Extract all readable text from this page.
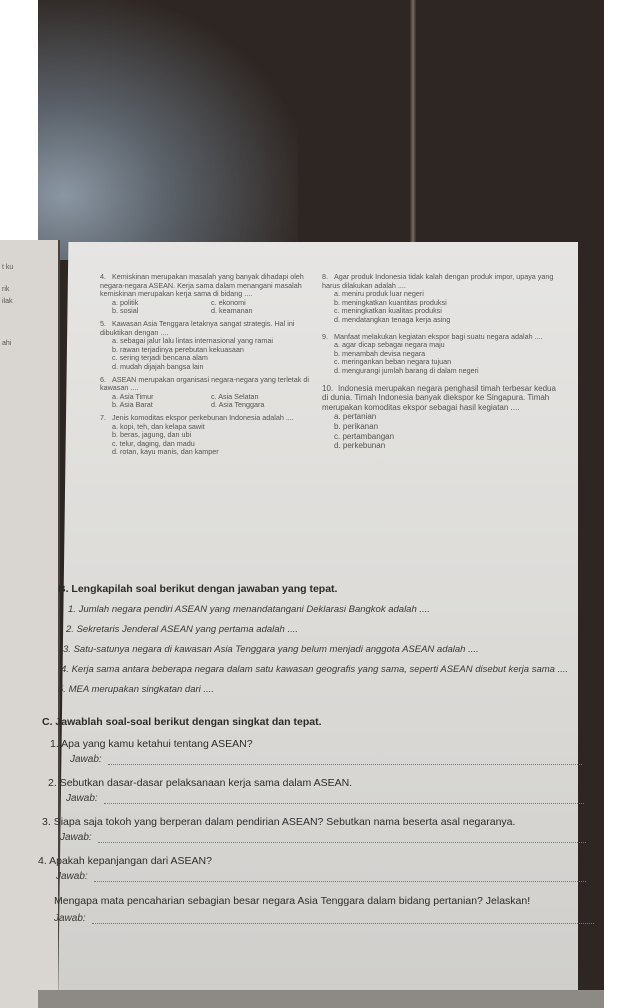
t ku
rik
ilak
ahi
4. Kemiskinan merupakan masalah yang banyak dihadapi oleh negara-negara ASEAN. Kerja sama dalam menangani masalah kemiskinan merupakan kerja sama di bidang ....
a. politik	c. ekonomi
b. sosial	d. keamanan
5. Kawasan Asia Tenggara letaknya sangat strategis. Hal ini dibuktikan dengan ....
a. sebagai jalur lalu lintas internasional yang ramai
b. rawan terjadinya perebutan kekuasaan
c. sering terjadi bencana alam
d. mudah dijajah bangsa lain
6. ASEAN merupakan organisasi negara-negara yang terletak di kawasan ....
a. Asia Timur	c. Asia Selatan
b. Asia Barat	d. Asia Tenggara
7. Jenis komoditas ekspor perkebunan Indonesia adalah ....
a. kopi, teh, dan kelapa sawit
b. beras, jagung, dan ubi
c. telur, daging, dan madu
d. rotan, kayu manis, dan kamper
8. Agar produk Indonesia tidak kalah dengan produk impor, upaya yang harus dilakukan adalah ....
a. meniru produk luar negeri
b. meningkatkan kuantitas produksi
c. meningkatkan kualitas produksi
d. mendatangkan tenaga kerja asing
9. Manfaat melakukan kegiatan ekspor bagi suatu negara adalah ....
a. agar dicap sebagai negara maju
b. menambah devisa negara
c. meringankan beban negara tujuan
d. mengurangi jumlah barang di dalam negeri
10. Indonesia merupakan negara penghasil timah terbesar kedua di dunia. Timah Indonesia banyak diekspor ke Singapura. Timah merupakan komoditas ekspor sebagai hasil kegiatan ....
a. pertanian
b. perikanan
c. pertambangan
d. perkebunan
B. Lengkapilah soal berikut dengan jawaban yang tepat.
1. Jumlah negara pendiri ASEAN yang menandatangani Deklarasi Bangkok adalah ....
2. Sekretaris Jenderal ASEAN yang pertama adalah ....
3. Satu-satunya negara di kawasan Asia Tenggara yang belum menjadi anggota ASEAN adalah ....
4. Kerja sama antara beberapa negara dalam satu kawasan geografis yang sama, seperti ASEAN disebut kerja sama ....
5. MEA merupakan singkatan dari ....
C. Jawablah soal-soal berikut dengan singkat dan tepat.
1. Apa yang kamu ketahui tentang ASEAN?
Jawab:
2. Sebutkan dasar-dasar pelaksanaan kerja sama dalam ASEAN.
Jawab:
3. Siapa saja tokoh yang berperan dalam pendirian ASEAN? Sebutkan nama beserta asal negaranya.
Jawab:
4. Apakah kepanjangan dari ASEAN?
Jawab:
Mengapa mata pencaharian sebagian besar negara Asia Tenggara dalam bidang pertanian? Jelaskan!
Jawab:
